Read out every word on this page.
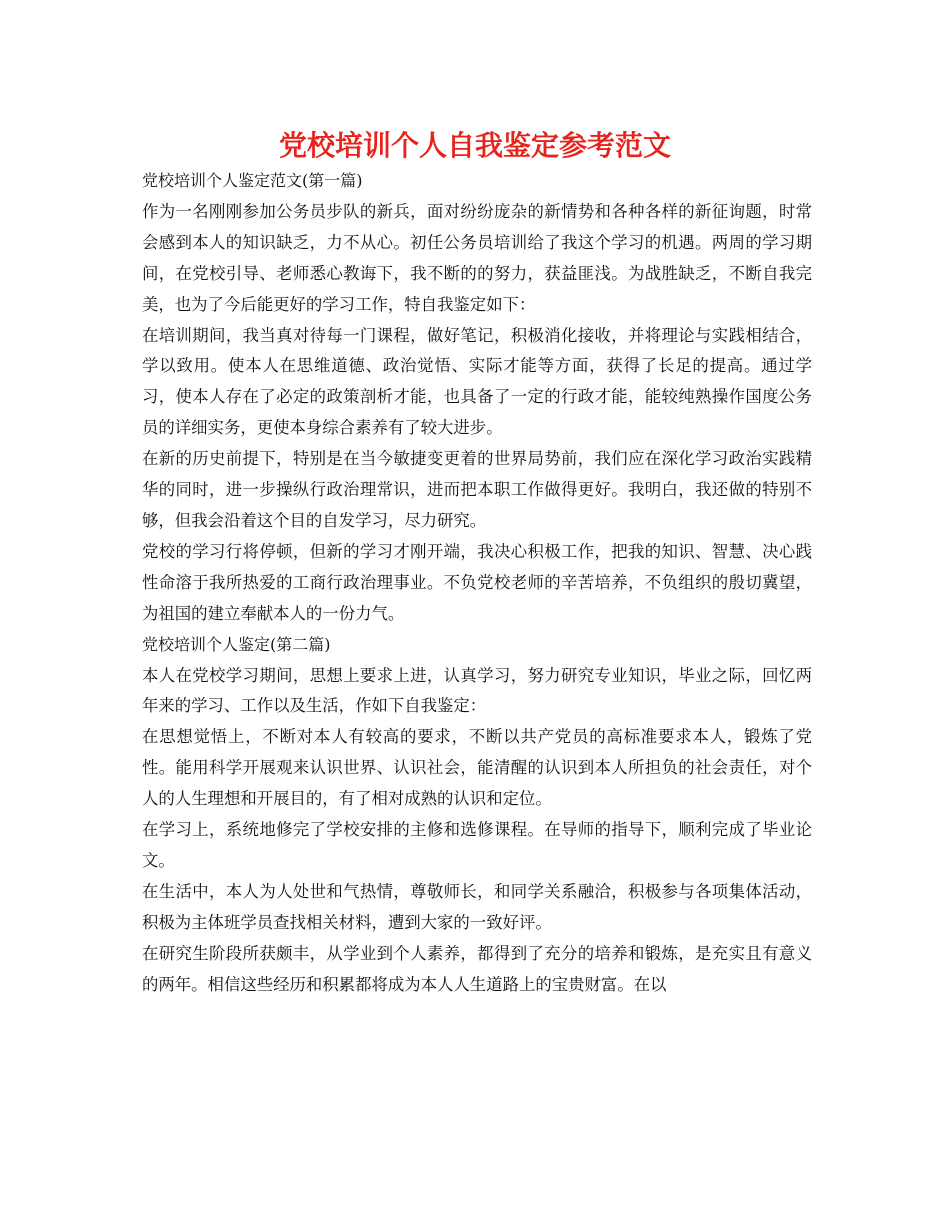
党校培训个人自我鉴定参考范文

党校培训个人鉴定范文(第一篇)

作为一名刚刚参加公务员步队的新兵，面对纷纷庞杂的新情势和各种各样的新征询题，时常会感到本人的知识缺乏，力不从心。初任公务员培训给了我这个学习的机遇。两周的学习期间，在党校引导、老师悉心教诲下，我不断的的努力，获益匪浅。为战胜缺乏，不断自我完美，也为了今后能更好的学习工作，特自我鉴定如下：

在培训期间，我当真对待每一门课程，做好笔记，积极消化接收，并将理论与实践相结合，学以致用。使本人在思维道德、政治觉悟、实际才能等方面，获得了长足的提高。通过学习，使本人存在了必定的政策剖析才能，也具备了一定的行政才能，能较纯熟操作国度公务员的详细实务，更使本身综合素养有了较大进步。

在新的历史前提下，特别是在当今敏捷变更着的世界局势前，我们应在深化学习政治实践精华的同时，进一步操纵行政治理常识，进而把本职工作做得更好。我明白，我还做的特别不够，但我会沿着这个目的自发学习，尽力研究。

党校的学习行将停顿，但新的学习才刚开端，我决心积极工作，把我的知识、智慧、决心践性命溶于我所热爱的工商行政治理事业。不负党校老师的辛苦培养，不负组织的殷切冀望，为祖国的建立奉献本人的一份力气。

党校培训个人鉴定(第二篇)

本人在党校学习期间，思想上要求上进，认真学习，努力研究专业知识，毕业之际，回忆两年来的学习、工作以及生活，作如下自我鉴定：

在思想觉悟上，不断对本人有较高的要求，不断以共产党员的高标准要求本人，锻炼了党性。能用科学开展观来认识世界、认识社会，能清醒的认识到本人所担负的社会责任，对个人的人生理想和开展目的，有了相对成熟的认识和定位。

在学习上，系统地修完了学校安排的主修和选修课程。在导师的指导下，顺利完成了毕业论文。

在生活中，本人为人处世和气热情，尊敬师长，和同学关系融洽，积极参与各项集体活动，积极为主体班学员查找相关材料，遭到大家的一致好评。

在研究生阶段所获颇丰，从学业到个人素养，都得到了充分的培养和锻炼，是充实且有意义的两年。相信这些经历和积累都将成为本人人生道路上的宝贵财富。在以
